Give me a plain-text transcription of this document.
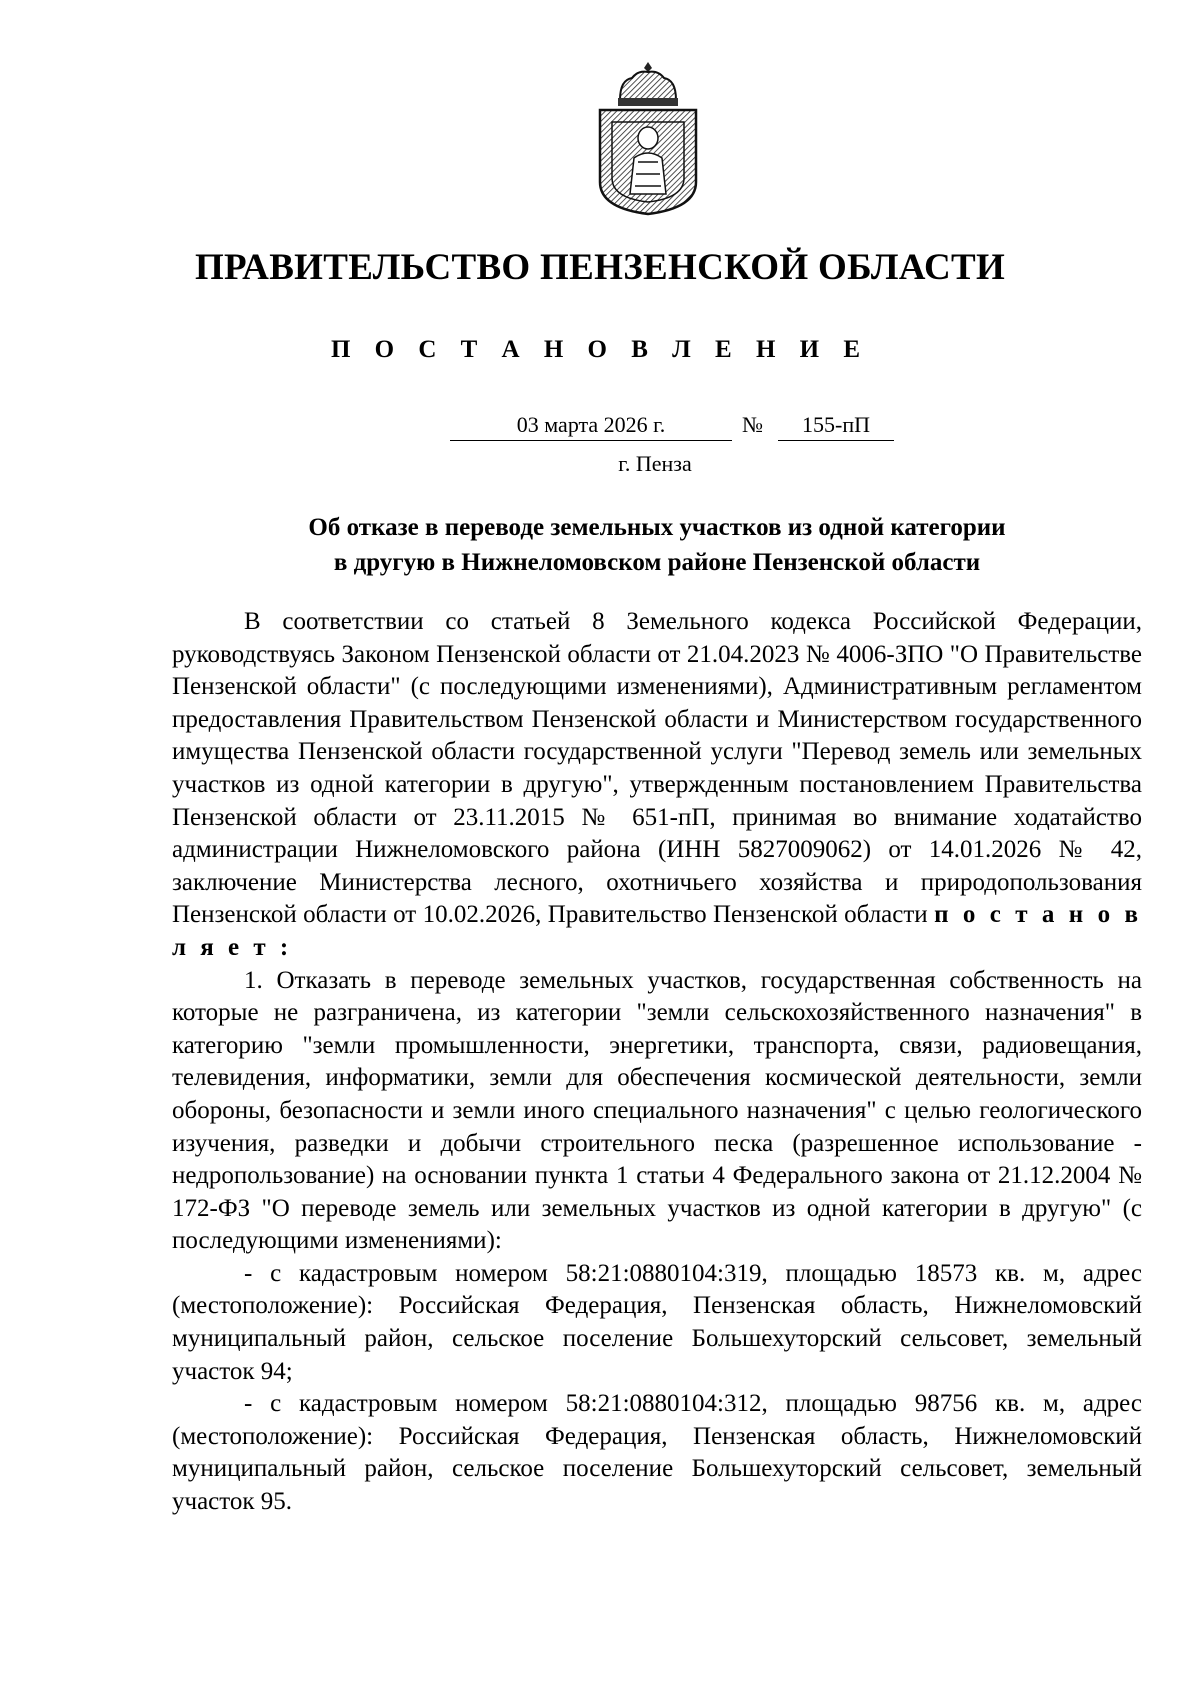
ПРАВИТЕЛЬСТВО ПЕНЗЕНСКОЙ ОБЛАСТИ
П О С Т А Н О В Л Е Н И Е
03 марта 2026 г.	№	155-пП
г. Пенза
Об отказе в переводе земельных участков из одной категории
в другую в Нижнеломовском районе Пензенской области

В соответствии со статьей 8 Земельного кодекса Российской Федерации, руководствуясь Законом Пензенской области от 21.04.2023 № 4006-ЗПО "О Правительстве Пензенской области" (с последующими изменениями), Административным регламентом предоставления Правительством Пензенской области и Министерством государственного имущества Пензенской области государственной услуги "Перевод земель или земельных участков из одной категории в другую", утвержденным постановлением Правительства Пензенской области от 23.11.2015 № 651-пП, принимая во внимание ходатайство администрации Нижнеломовского района (ИНН 5827009062) от 14.01.2026 № 42, заключение Министерства лесного, охотничьего хозяйства и природопользования Пензенской области от 10.02.2026, Правительство Пензенской области п о с т а н о в л я е т :

1. Отказать в переводе земельных участков, государственная собственность на которые не разграничена, из категории "земли сельскохозяйственного назначения" в категорию "земли промышленности, энергетики, транспорта, связи, радиовещания, телевидения, информатики, земли для обеспечения космической деятельности, земли обороны, безопасности и земли иного специального назначения" с целью геологического изучения, разведки и добычи строительного песка (разрешенное использование - недропользование) на основании пункта 1 статьи 4 Федерального закона от 21.12.2004 № 172-ФЗ "О переводе земель или земельных участков из одной категории в другую" (с последующими изменениями):

- с кадастровым номером 58:21:0880104:319, площадью 18573 кв. м, адрес (местоположение): Российская Федерация, Пензенская область, Нижнеломовский муниципальный район, сельское поселение Большехуторский сельсовет, земельный участок 94;

- с кадастровым номером 58:21:0880104:312, площадью 98756 кв. м, адрес (местоположение): Российская Федерация, Пензенская область, Нижнеломовский муниципальный район, сельское поселение Большехуторский сельсовет, земельный участок 95.
